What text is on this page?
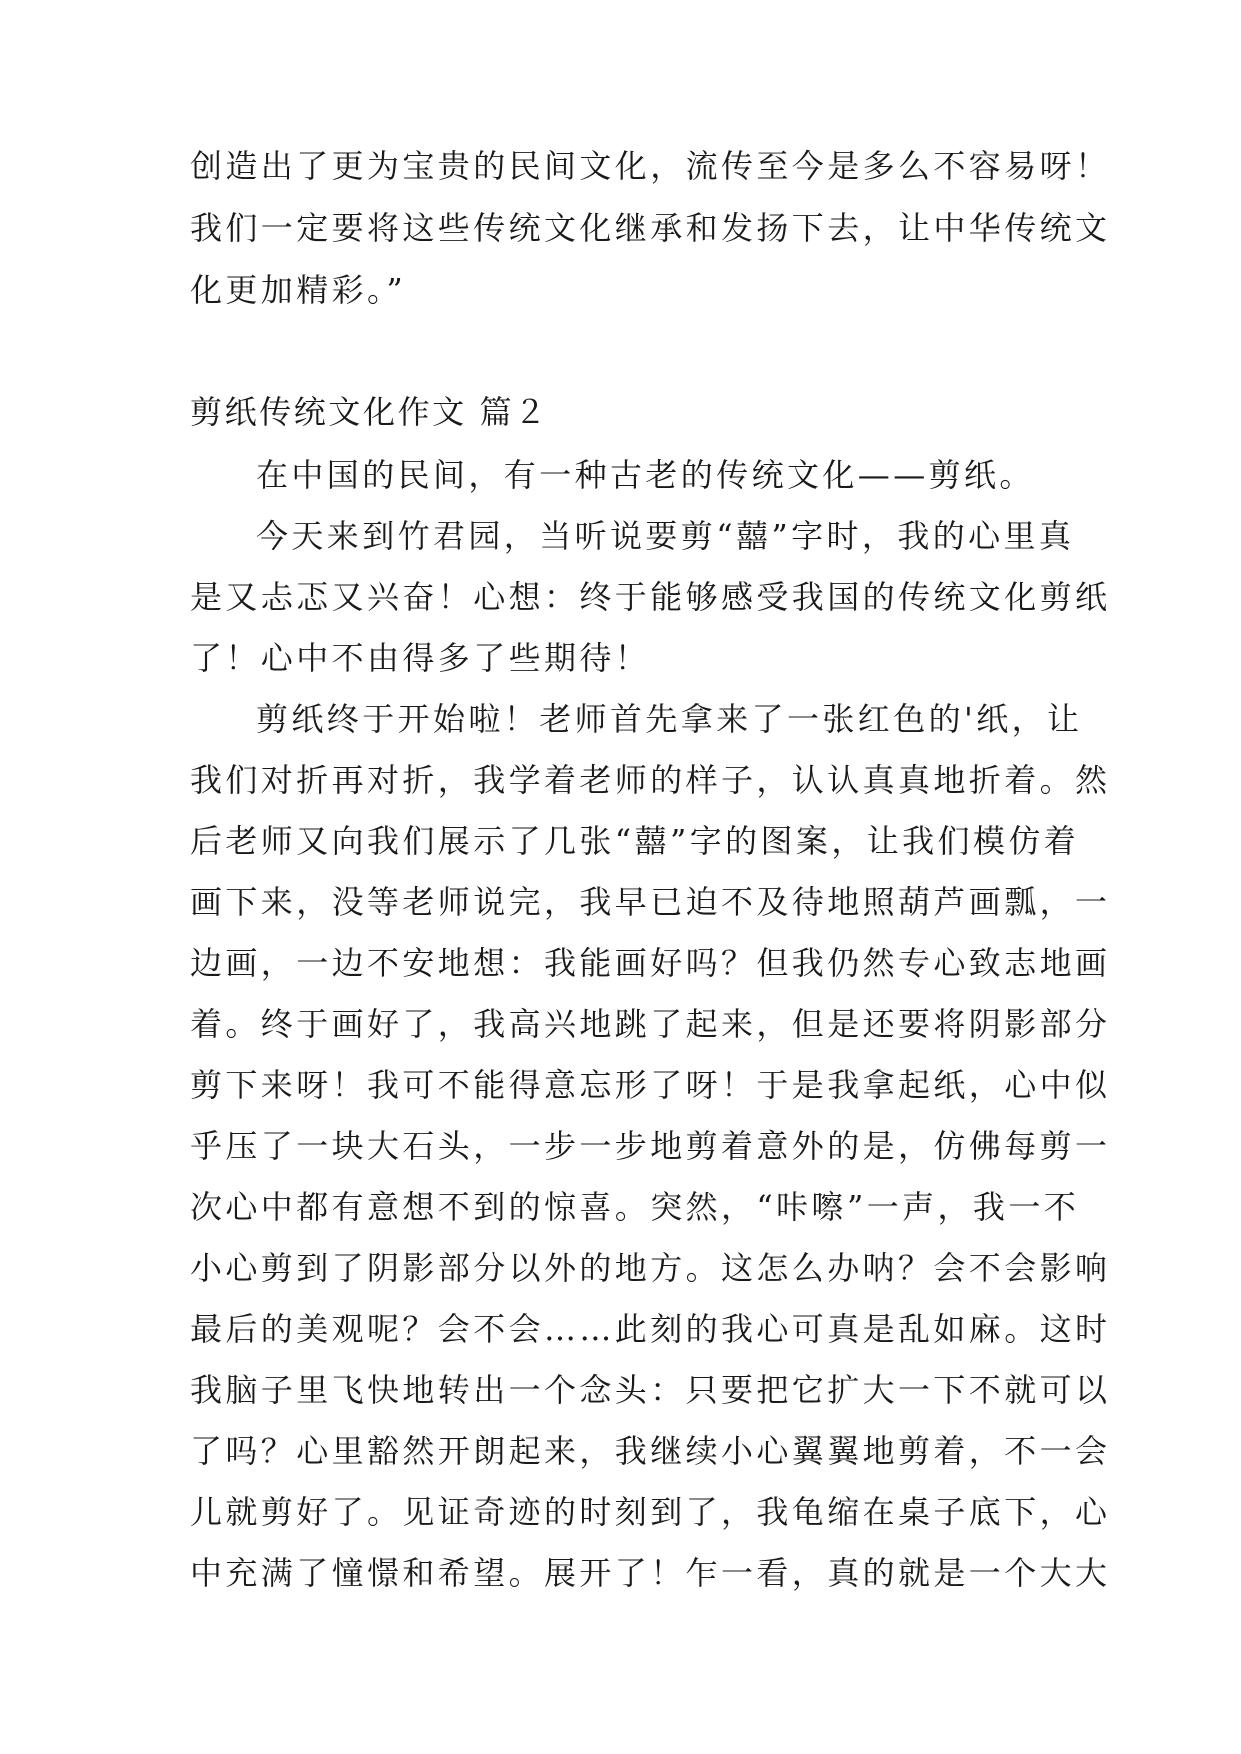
创造出了更为宝贵的民间文化，流传至今是多么不容易呀！
我们一定要将这些传统文化继承和发扬下去，让中华传统文
化更加精彩。”
剪纸传统文化作文 篇２
在中国的民间，有一种古老的传统文化——剪纸。
今天来到竹君园，当听说要剪“囍”字时，我的心里真
是又忐忑又兴奋！心想：终于能够感受我国的传统文化剪纸
了！心中不由得多了些期待！
剪纸终于开始啦！老师首先拿来了一张红色的'纸，让
我们对折再对折，我学着老师的样子，认认真真地折着。然
后老师又向我们展示了几张“囍”字的图案，让我们模仿着
画下来，没等老师说完，我早已迫不及待地照葫芦画瓢，一
边画，一边不安地想：我能画好吗？但我仍然专心致志地画
着。终于画好了，我高兴地跳了起来，但是还要将阴影部分
剪下来呀！我可不能得意忘形了呀！于是我拿起纸，心中似
乎压了一块大石头，一步一步地剪着意外的是，仿佛每剪一
次心中都有意想不到的惊喜。突然，“咔嚓”一声，我一不
小心剪到了阴影部分以外的地方。这怎么办呐？会不会影响
最后的美观呢？会不会……此刻的我心可真是乱如麻。这时
我脑子里飞快地转出一个念头：只要把它扩大一下不就可以
了吗？心里豁然开朗起来，我继续小心翼翼地剪着，不一会
儿就剪好了。见证奇迹的时刻到了，我龟缩在桌子底下，心
中充满了憧憬和希望。展开了！乍一看，真的就是一个大大
